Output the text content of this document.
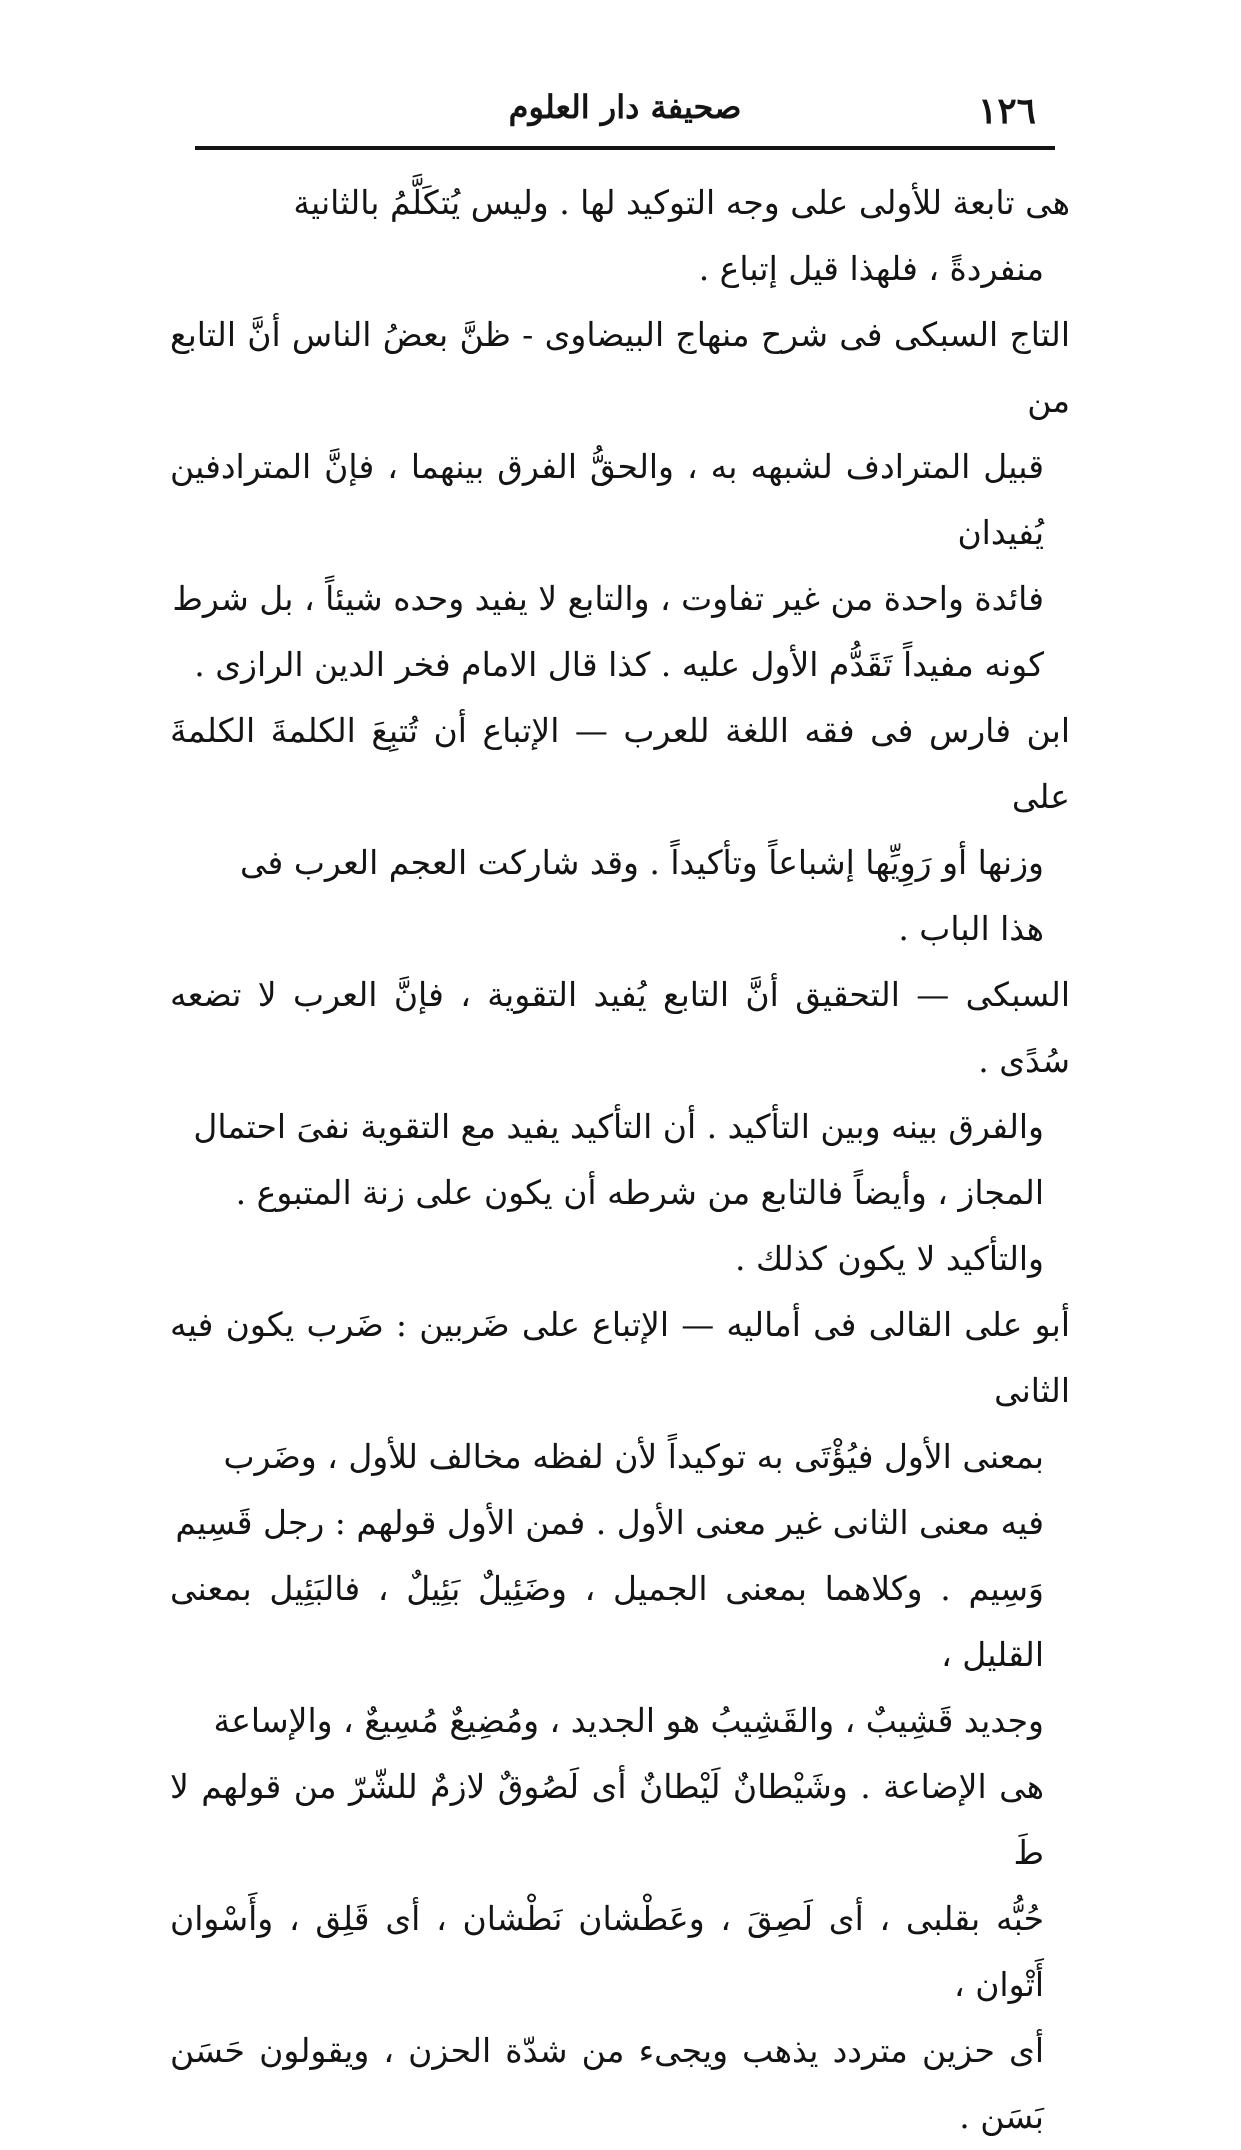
١٢٦
صحيفة دار العلوم

هى تابعة للأولى على وجه التوكيد لها . وليس يُتكَلَّمُ بالثانية
منفردةً ، فلهذا قيل إتباع .

التاج السبكى فى شرح منهاج البيضاوى - ظنَّ بعضُ الناس أنَّ التابع من
قبيل المترادف لشبهه به ، والحقُّ الفرق بينهما ، فإنَّ المترادفين يُفيدان
فائدة واحدة من غير تفاوت ، والتابع لا يفيد وحده شيئاً ، بل شرط
كونه مفيداً تَقَدُّم الأول عليه . كذا قال الامام فخر الدين الرازى .

ابن فارس فى فقه اللغة للعرب — الإتباع أن تُتبِعَ الكلمةَ الكلمةَ على
وزنها أو رَوِيِّها إشباعاً وتأكيداً . وقد شاركت العجم العرب فى
هذا الباب .

السبكى — التحقيق أنَّ التابع يُفيد التقوية ، فإنَّ العرب لا تضعه سُدًى .
والفرق بينه وبين التأكيد . أن التأكيد يفيد مع التقوية نفىَ احتمال
المجاز ، وأيضاً فالتابع من شرطه أن يكون على زنة المتبوع .
والتأكيد لا يكون كذلك .

أبو على القالى فى أماليه — الإتباع على ضَربين : ضَرب يكون فيه الثانى
بمعنى الأول فيُؤْتَى به توكيداً لأن لفظه مخالف للأول ، وضَرب
فيه معنى الثانى غير معنى الأول . فمن الأول قولهم : رجل قَسِيم
وَسِيم . وكلاهما بمعنى الجميل ، وضَئِيلٌ بَئِيلٌ ، فالبَئِيل بمعنى القليل ،
وجديد قَشِيبٌ ، والقَشِيبُ هو الجديد ، ومُضِيعٌ مُسِيعٌ ، والإساعة
هى الإضاعة . وشَيْطانٌ لَيْطانٌ أى لَصُوقٌ لازمٌ للشّرّ من قولهم لا طَ
حُبُّه بقلبى ، أى لَصِقَ ، وعَطْشان نَطْشان ، أى قَلِق ، وأَسْوان أَتْوان ،
أى حزين متردد يذهب ويجىء من شدّة الحزن ، ويقولون حَسَن بَسَن .
